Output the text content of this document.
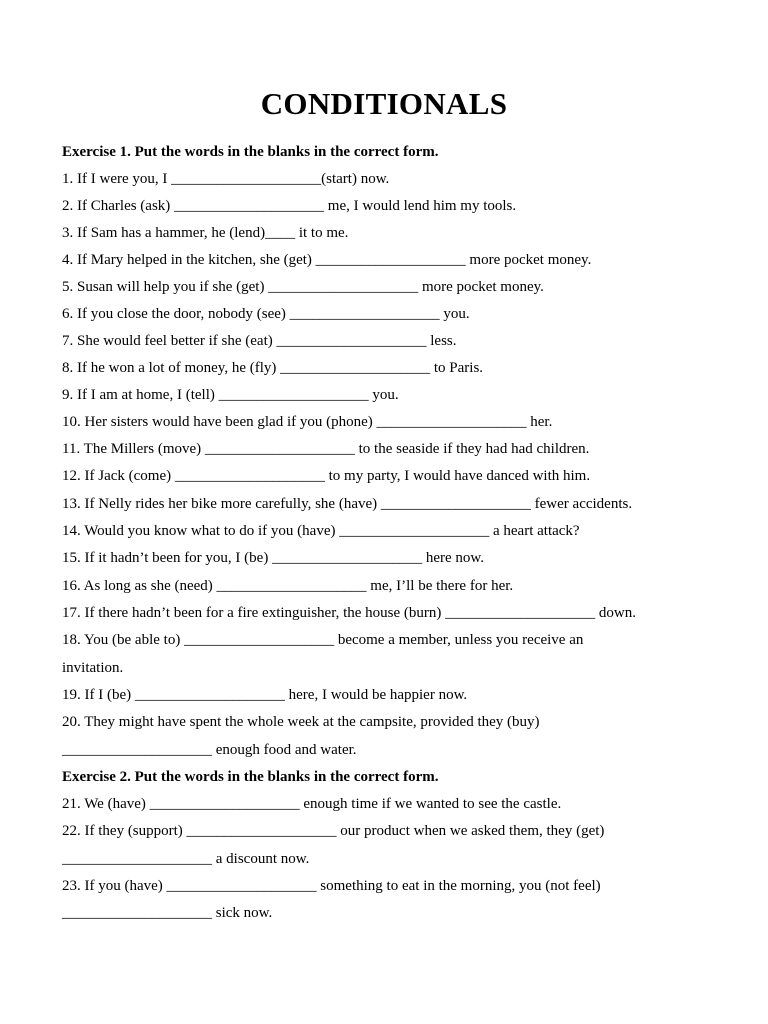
CONDITIONALS
Exercise 1. Put the words in the blanks in the correct form.
1. If I were you, I ____________________(start) now.
2. If Charles (ask) ____________________ me, I would lend him my tools.
3. If Sam has a hammer, he (lend)____ it to me.
4. If Mary helped in the kitchen, she (get) ____________________ more pocket money.
5. Susan will help you if she (get) ____________________ more pocket money.
6. If you close the door, nobody (see) ____________________ you.
7. She would feel better if she (eat) ____________________ less.
8. If he won a lot of money, he (fly) ____________________ to Paris.
9. If I am at home, I (tell) ____________________ you.
10. Her sisters would have been glad if you (phone) ____________________ her.
11. The Millers (move) ____________________ to the seaside if they had had children.
12. If Jack (come) ____________________ to my party, I would have danced with him.
13. If Nelly rides her bike more carefully, she (have) ____________________ fewer accidents.
14. Would you know what to do if you (have) ____________________ a heart attack?
15. If it hadn’t been for you, I (be) ____________________ here now.
16. As long as she (need) ____________________ me, I’ll be there for her.
17. If there hadn’t been for a fire extinguisher, the house (burn) ____________________ down.
18. You (be able to) ____________________ become a member, unless you receive an
invitation.
19. If I (be) ____________________ here, I would be happier now.
20. They might have spent the whole week at the campsite, provided they (buy)
____________________ enough food and water.
Exercise 2. Put the words in the blanks in the correct form.
21. We (have) ____________________ enough time if we wanted to see the castle.
22. If they (support) ____________________ our product when we asked them, they (get)
____________________ a discount now.
23. If you (have) ____________________ something to eat in the morning, you (not feel)
____________________ sick now.
